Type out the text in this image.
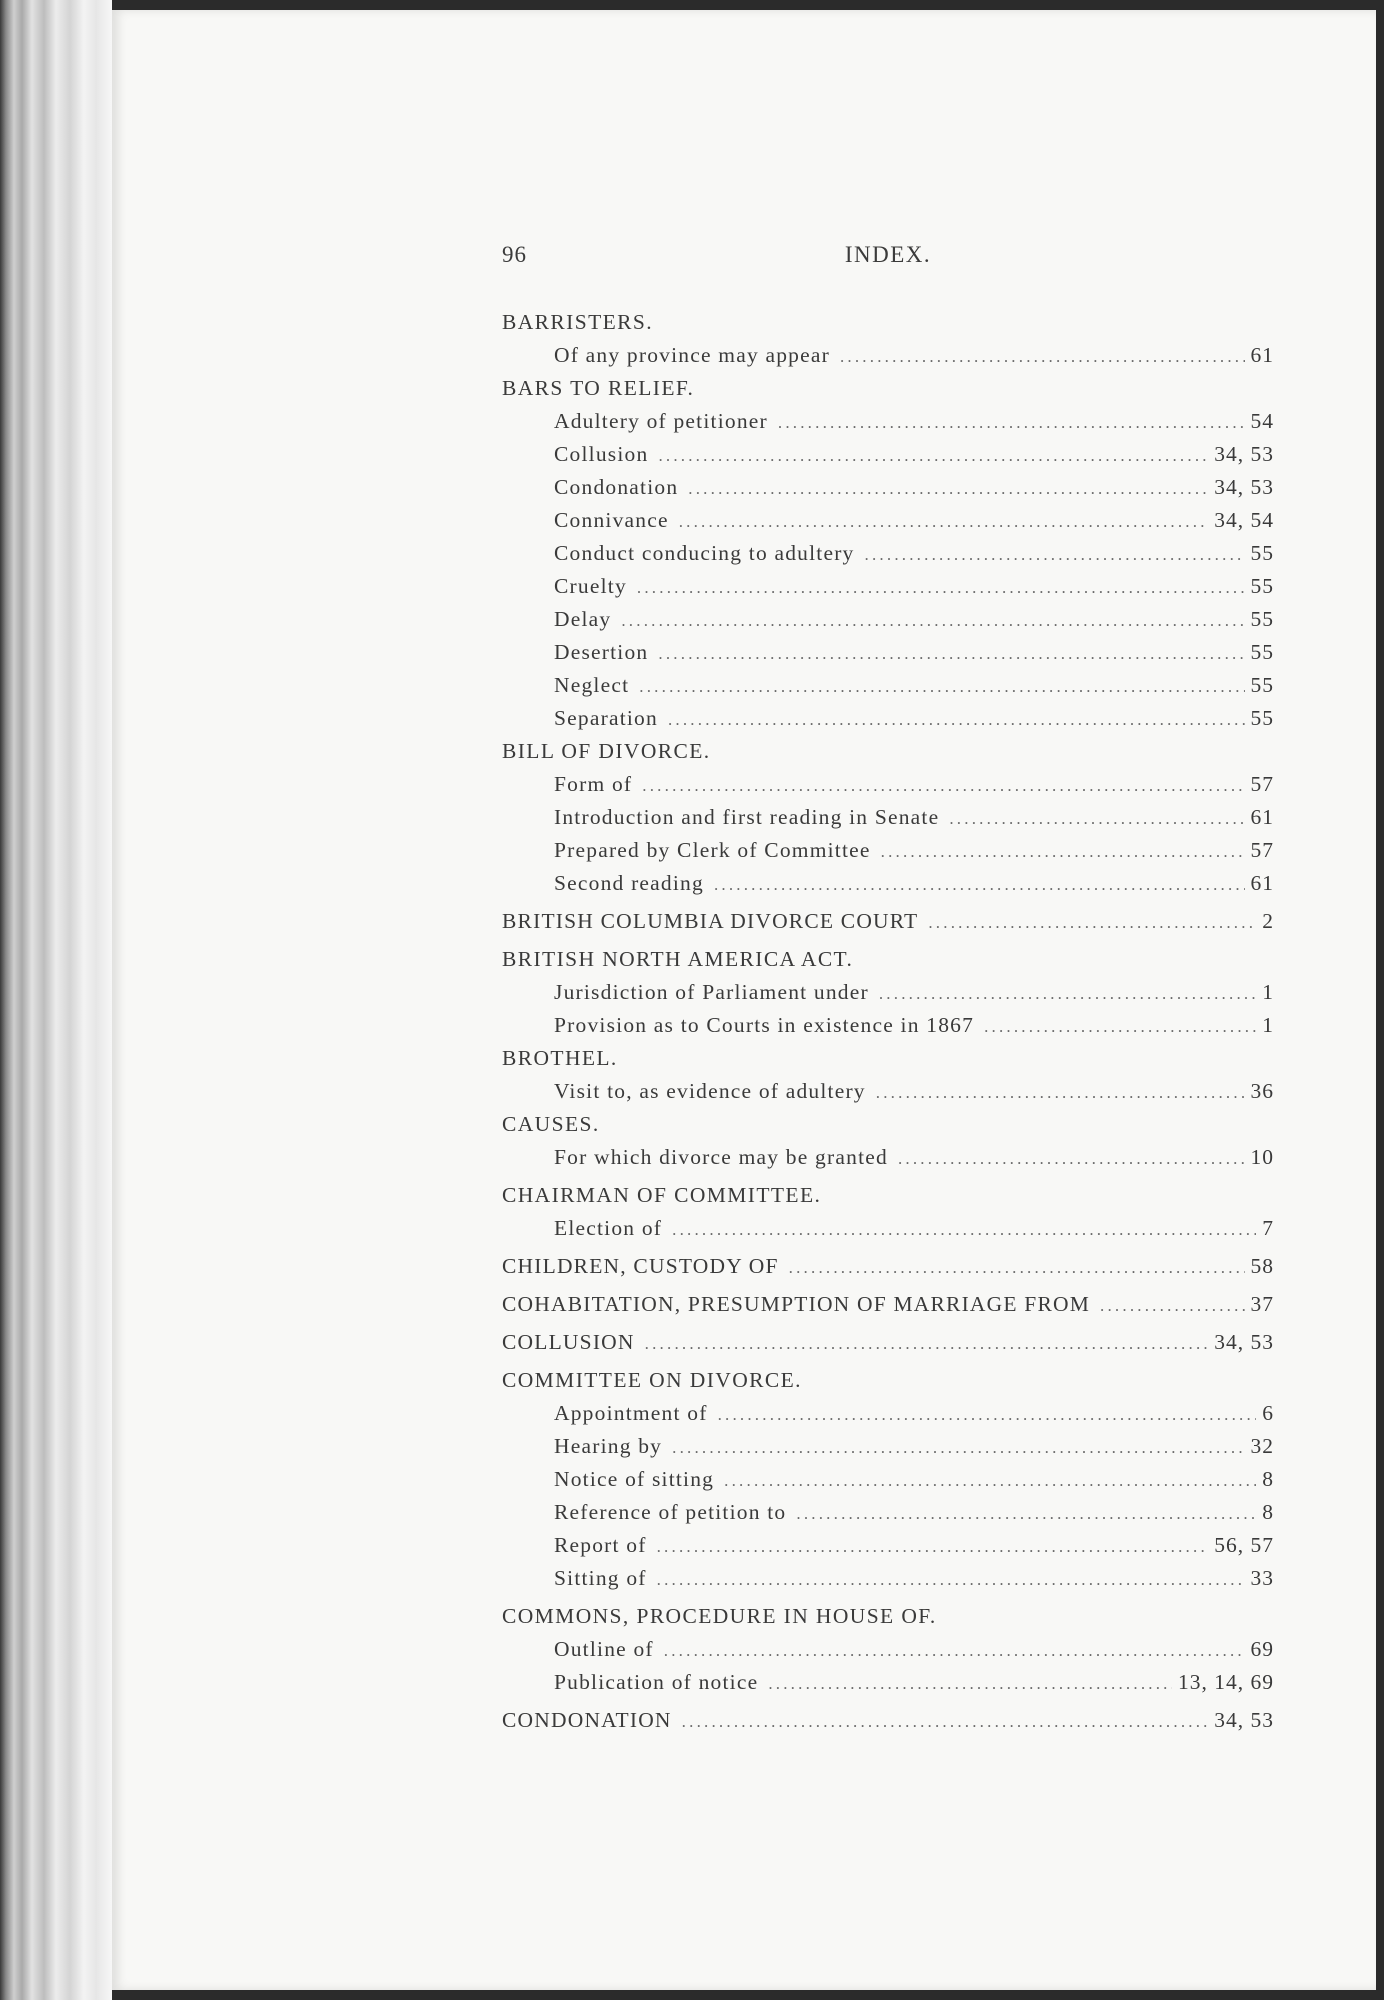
96	INDEX.
BARRISTERS.
Of any province may appear .....	61
BARS TO RELIEF.
Adultery of petitioner .....	54
Collusion .....	34, 53
Condonation .....	34, 53
Connivance .....	34, 54
Conduct conducing to adultery .....	55
Cruelty .....	55
Delay .....	55
Desertion .....	55
Neglect .....	55
Separation .....	55
BILL OF DIVORCE.
Form of .....	57
Introduction and first reading in Senate .....	61
Prepared by Clerk of Committee .....	57
Second reading .....	61
BRITISH COLUMBIA DIVORCE COURT .....	2
BRITISH NORTH AMERICA ACT.
Jurisdiction of Parliament under .....	1
Provision as to Courts in existence in 1867 .....	1
BROTHEL.
Visit to, as evidence of adultery .....	36
CAUSES.
For which divorce may be granted .....	10
CHAIRMAN OF COMMITTEE.
Election of .....	7
CHILDREN, CUSTODY OF .....	58
COHABITATION, PRESUMPTION OF MARRIAGE FROM .....	37
COLLUSION .....	34, 53
COMMITTEE ON DIVORCE.
Appointment of .....	6
Hearing by .....	32
Notice of sitting .....	8
Reference of petition to .....	8
Report of .....	56, 57
Sitting of .....	33
COMMONS, PROCEDURE IN HOUSE OF.
Outline of .....	69
Publication of notice .....	13, 14, 69
CONDONATION .....	34, 53
